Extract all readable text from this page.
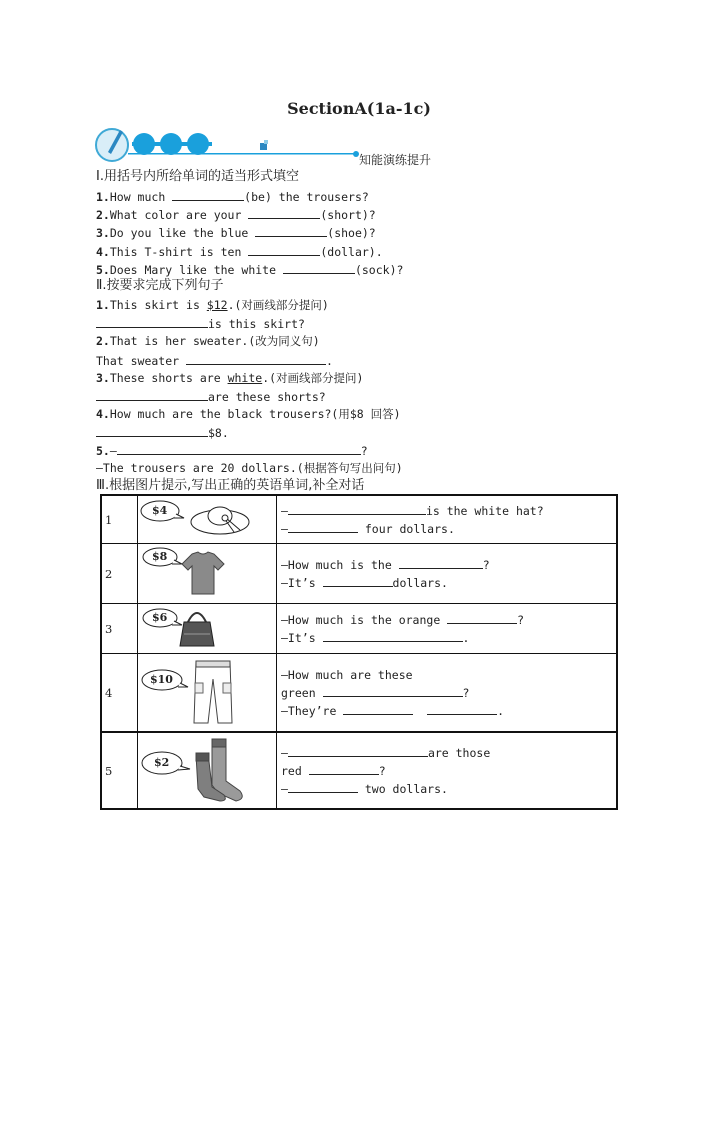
SectionA(1a-1c)
知能演练提升
Ⅰ.用括号内所给单词的适当形式填空
1.How much	(be) the trousers?
2.What color are your	(short)?
3.Do you like the blue	(shoe)?
4.This T-shirt is ten	(dollar).
5.Does Mary like the white	(sock)?
Ⅱ.按要求完成下列句子
1.This skirt is $12.(对画线部分提问)
is this skirt?
2.That is her sweater.(改为同义句)
That sweater	.
3.These shorts are white.(对画线部分提问)
are these shorts?
4.How much are the black trousers?(用$8 回答)
$8.
5.—	?
—The trousers are 20 dollars.(根据答句写出问句)
Ⅲ.根据图片提示,写出正确的英语单词,补全对话
1	$4	— is the white hat?
— four dollars.
2	$8	—How much is the ?
—It’s dollars.
3	$6	—How much is the orange ?
—It’s .
4	$10	—How much are these
green ?
—They’re .
5	$2	— are those
red ?
— two dollars.
